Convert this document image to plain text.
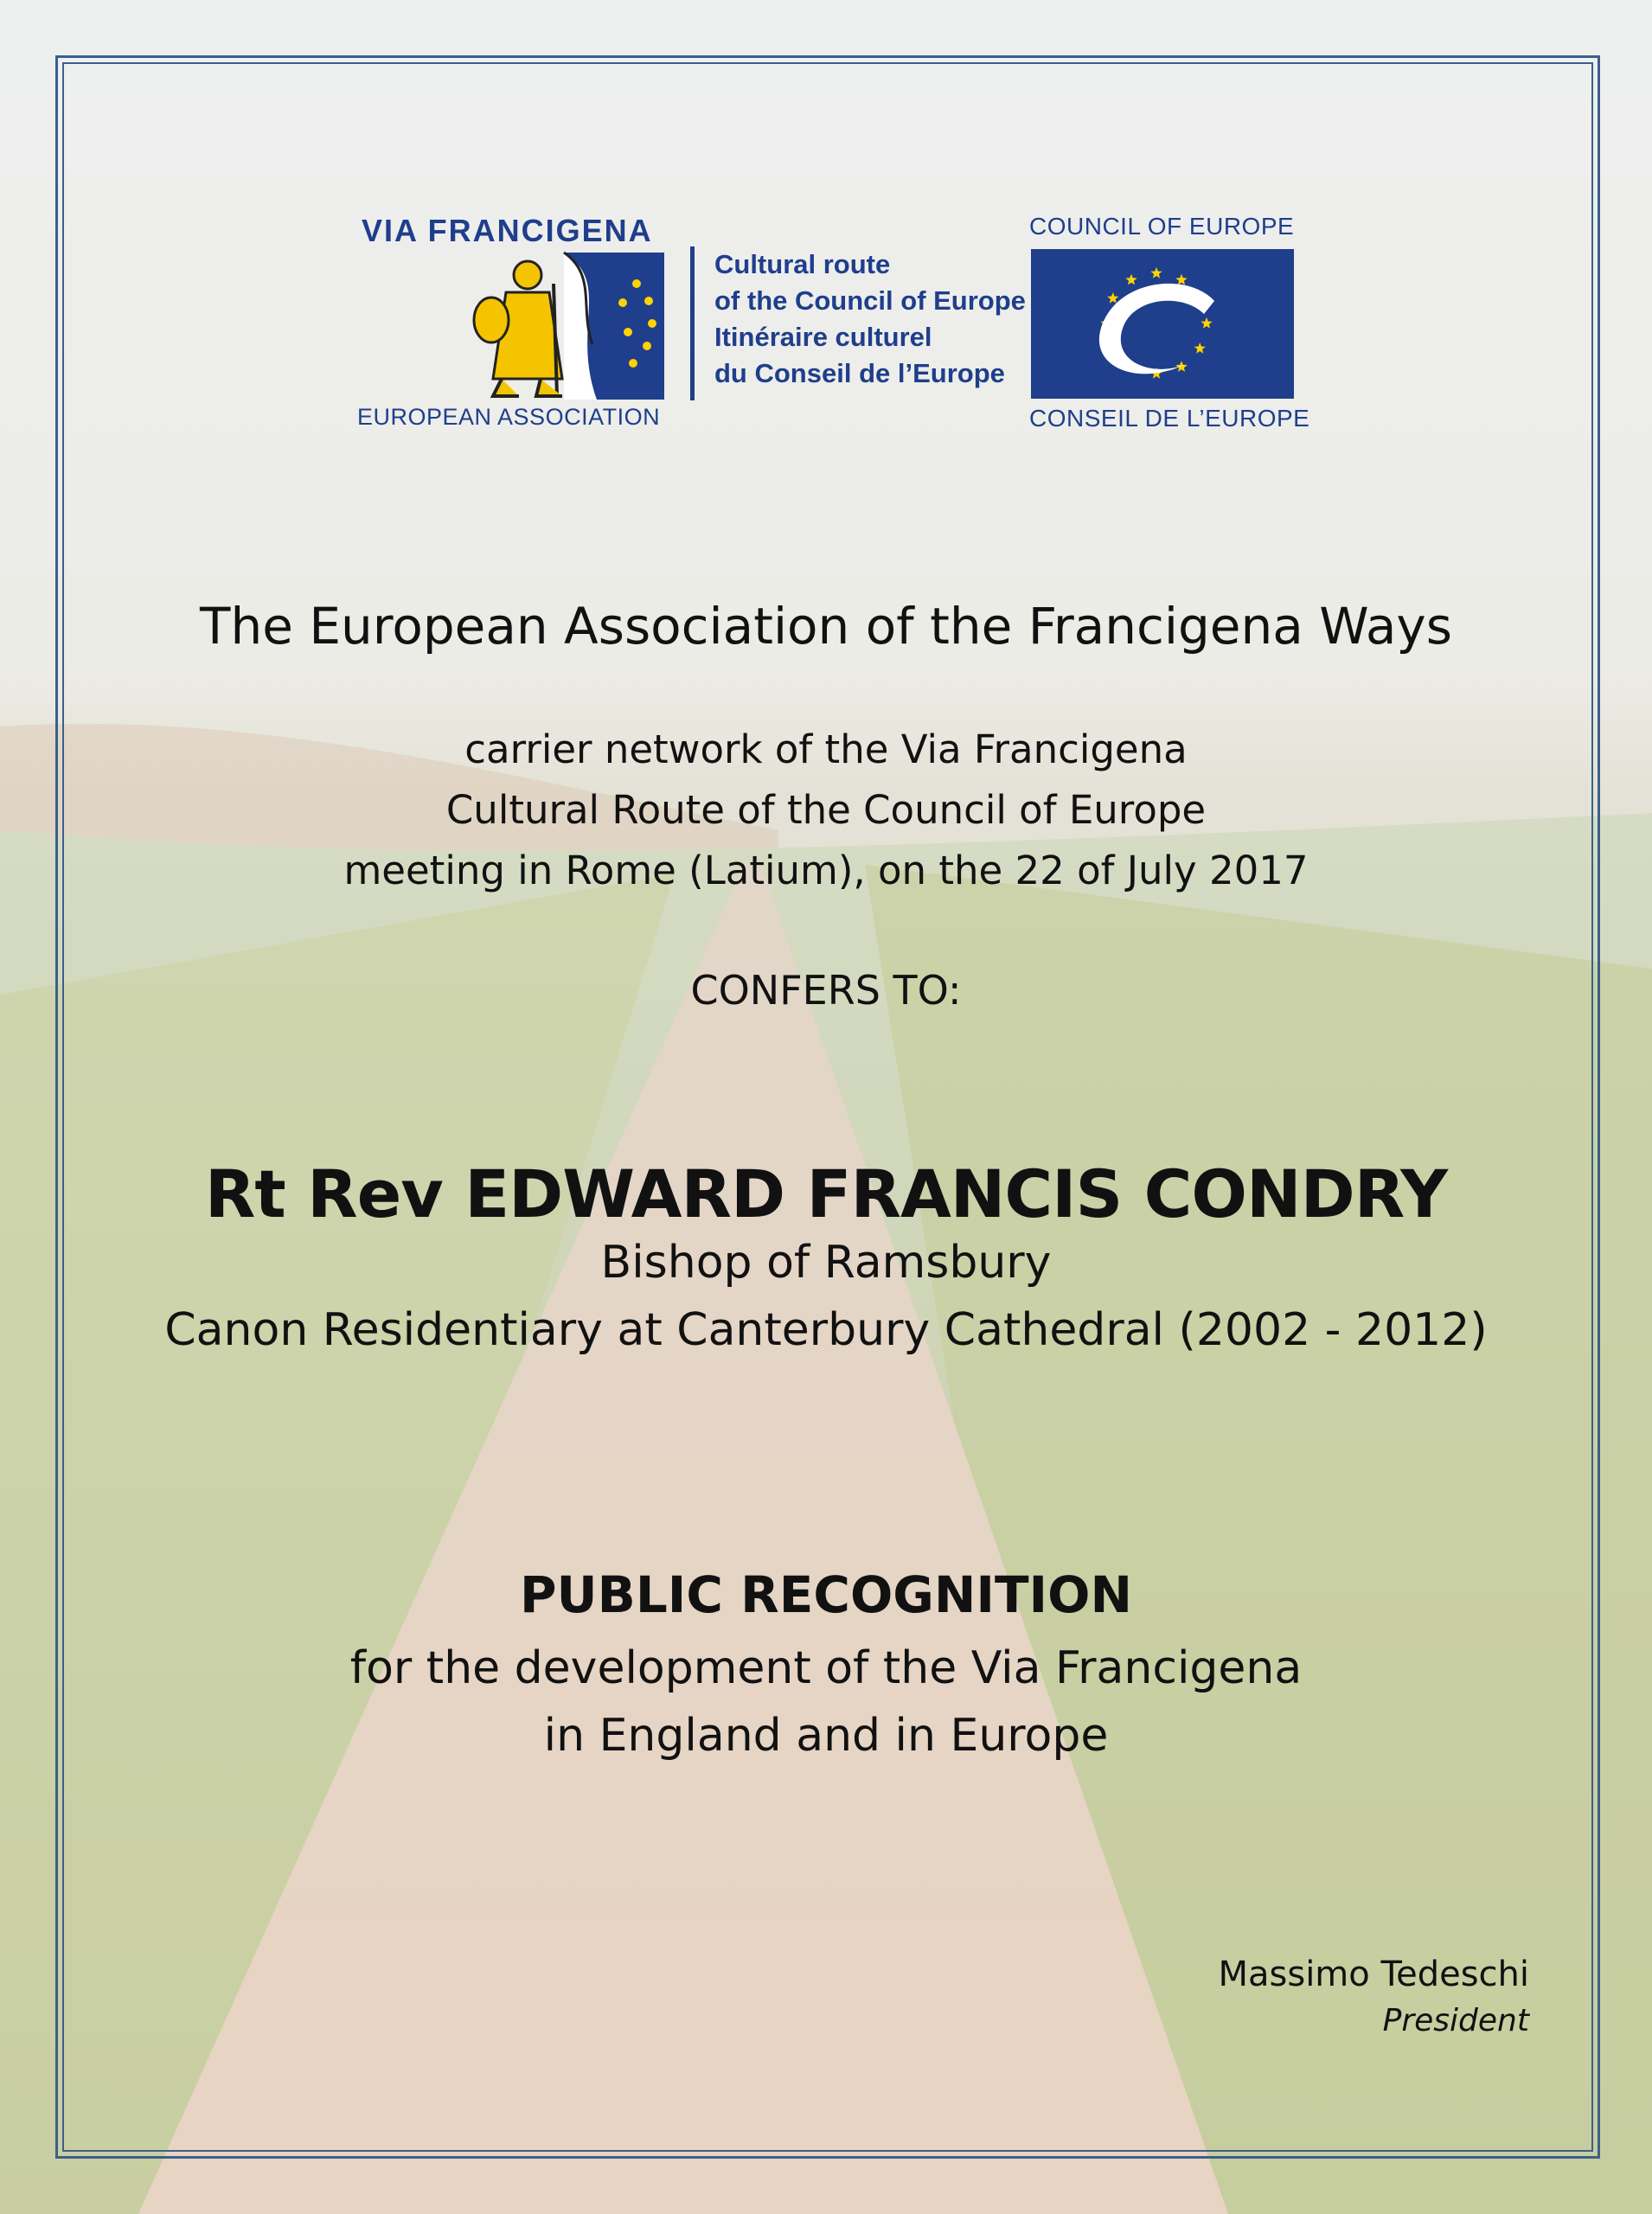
VIA FRANCIGENA
EUROPEAN ASSOCIATION
Cultural route
of the Council of Europe
Itinéraire culturel
du Conseil de l’Europe
COUNCIL OF EUROPE
CONSEIL DE L’EUROPE
The European Association of the Francigena Ways
carrier network of the Via Francigena
Cultural Route of the Council of Europe
meeting in Rome (Latium), on the 22 of July 2017
CONFERS TO:
Rt Rev EDWARD FRANCIS CONDRY
Bishop of Ramsbury
Canon Residentiary at Canterbury Cathedral (2002 - 2012)
PUBLIC RECOGNITION
for the development of the Via Francigena
in England and in Europe
Massimo Tedeschi
President
